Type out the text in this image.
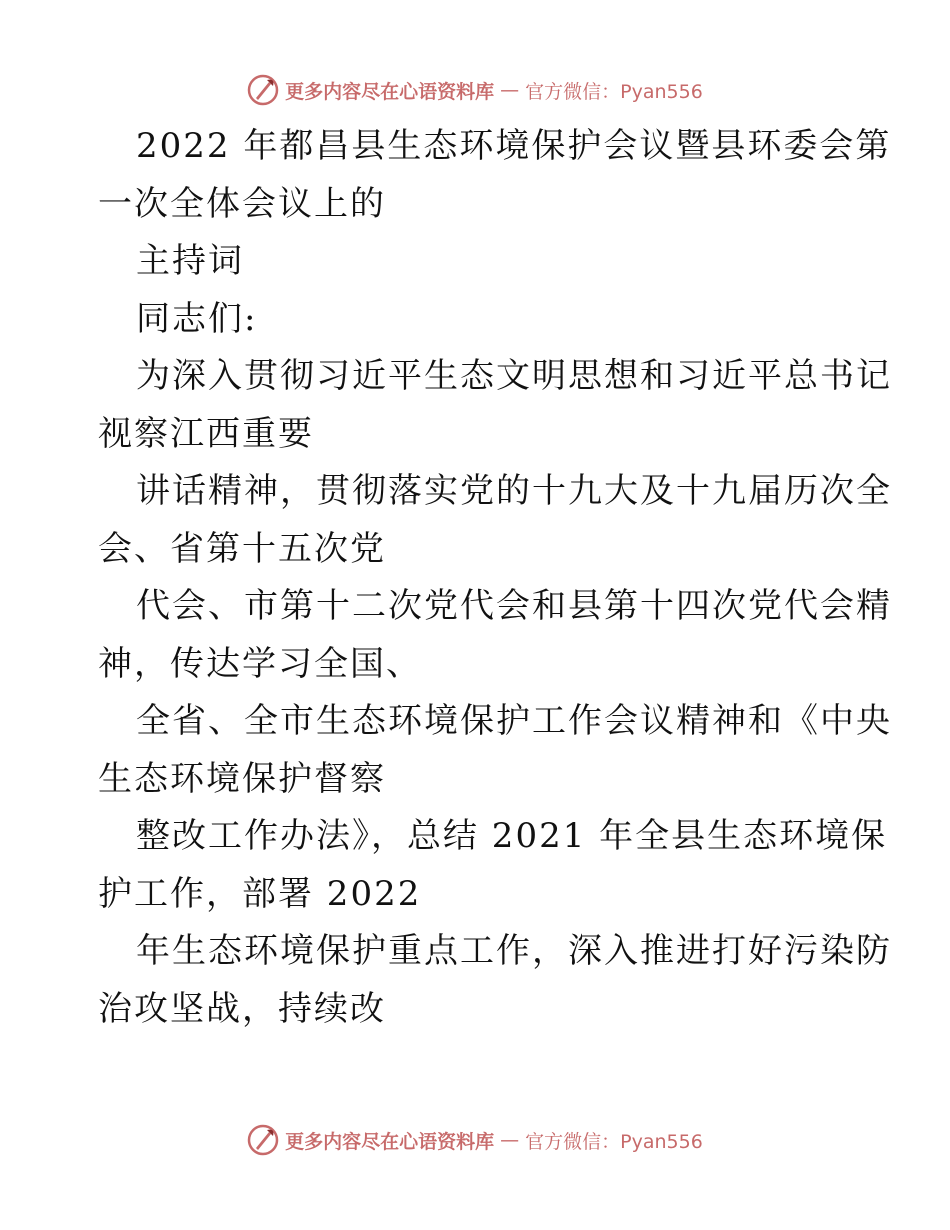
更多内容尽在心语资料库 — 官方微信：Pyan556
2022 年都昌县生态环境保护会议暨县环委会第
一次全体会议上的
主持词
同志们:
为深入贯彻习近平生态文明思想和习近平总书记
视察江西重要
讲话精神，贯彻落实党的十九大及十九届历次全
会、省第十五次党
代会、市第十二次党代会和县第十四次党代会精
神，传达学习全国、
全省、全市生态环境保护工作会议精神和《中央
生态环境保护督察
整改工作办法》，总结 2021 年全县生态环境保
护工作，部署 2022
年生态环境保护重点工作，深入推进打好污染防
治攻坚战，持续改
更多内容尽在心语资料库 — 官方微信：Pyan556
